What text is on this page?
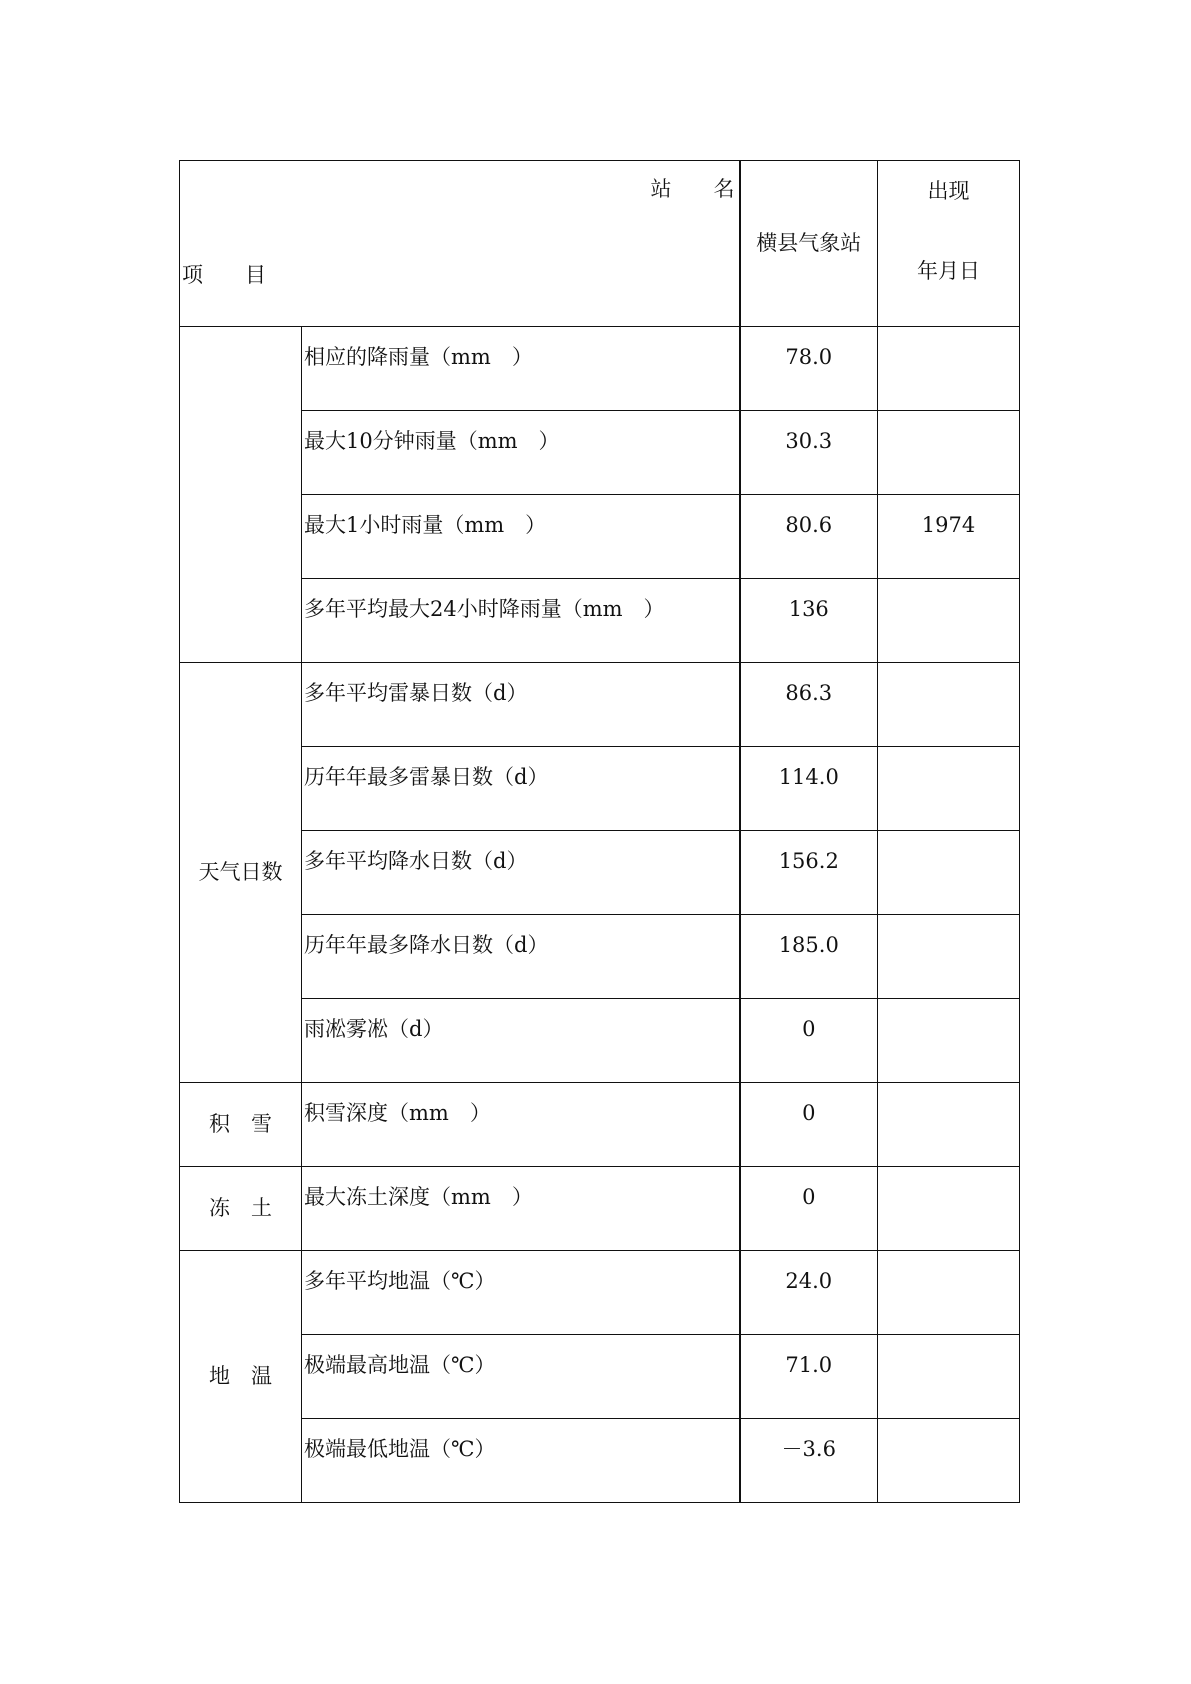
站　　名
项　　目		横县气象站	出现
年月日

	相应的降雨量（mm　）	78.0	
	最大10分钟雨量（mm　）	30.3	
	最大1小时雨量（mm　）	80.6	1974
	多年平均最大24小时降雨量（mm　）	136	
天气日数	多年平均雷暴日数（d）	86.3	
	历年年最多雷暴日数（d）	114.0	
	多年平均降水日数（d）	156.2	
	历年年最多降水日数（d）	185.0	
	雨凇雾凇（d）	0	
积　雪	积雪深度（mm　）	0	
冻　土	最大冻土深度（mm　）	0	
地　温	多年平均地温（℃）	24.0	
	极端最高地温（℃）	71.0	
	极端最低地温（℃）	－3.6	
